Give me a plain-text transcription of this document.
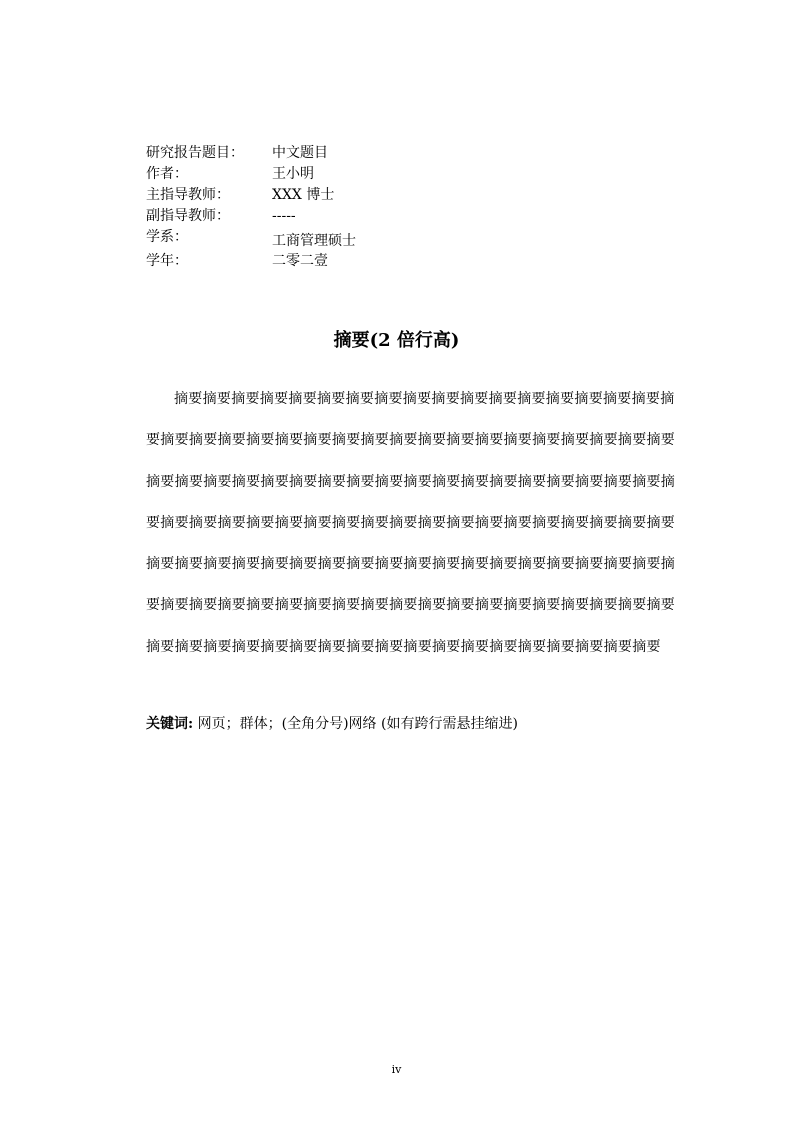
研究报告题目：	中文题目
作者：	王小明
主指导教师：	XXX 博士
副指导教师：	-----
学系：	工商管理硕士
学年：	二零二壹
摘要(2 倍行高)

摘要摘要摘要摘要摘要摘要摘要摘要摘要摘要摘要摘要摘要摘要摘要摘要摘要摘要摘要摘要摘要摘要摘要摘要摘要摘要摘要摘要摘要摘要摘要摘要摘要摘要摘要摘要摘要摘要摘要摘要摘要摘要摘要摘要摘要摘要摘要摘要摘要摘要摘要摘要摘要摘要摘要摘要摘要摘要摘要摘要摘要摘要摘要摘要摘要摘要摘要摘要摘要摘要摘要摘要摘要摘要摘要摘要摘要摘要摘要摘要摘要摘要摘要摘要摘要摘要摘要摘要摘要摘要摘要摘要摘要摘要摘要摘要摘要摘要摘要摘要摘要摘要摘要摘要摘要摘要摘要摘要摘要摘要摘要摘要摘要摘要摘要摘要摘要摘要摘要摘要摘要摘要摘要摘要摘要摘要摘要摘要

关键词: 网页；群体；(全角分号)网络 (如有跨行需悬挂缩进)
iv
